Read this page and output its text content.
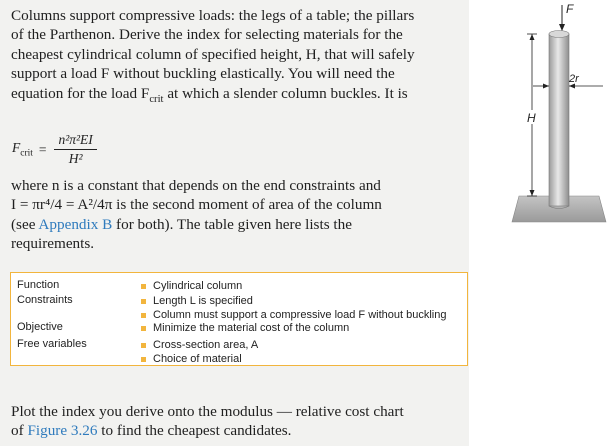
Columns support compressive loads: the legs of a table; the pillars
of the Parthenon. Derive the index for selecting materials for the
cheapest cylindrical column of specified height, H, that will safely
support a load F without buckling elastically. You will need the
equation for the load $F_{crit}$ at which a slender column buckles. It is

$F_{crit} = \frac{\text{n²π²EI}}{\text{H²}}$

where n is a constant that depends on the end constraints and
I = πr⁴/4 = A²/4π is the second moment of area of the column
(see Appendix B for both). The table given here lists the
requirements.

Function	Cylindrical column
Constraints	Length L is specified
Column must support a compressive load F without buckling
Objective	Minimize the material cost of the column
Free variables	Cross-section area, A
Choice of material

Plot the index you derive onto the modulus — relative cost chart
of Figure 3.26 to find the cheapest candidates.

F
H
2r
